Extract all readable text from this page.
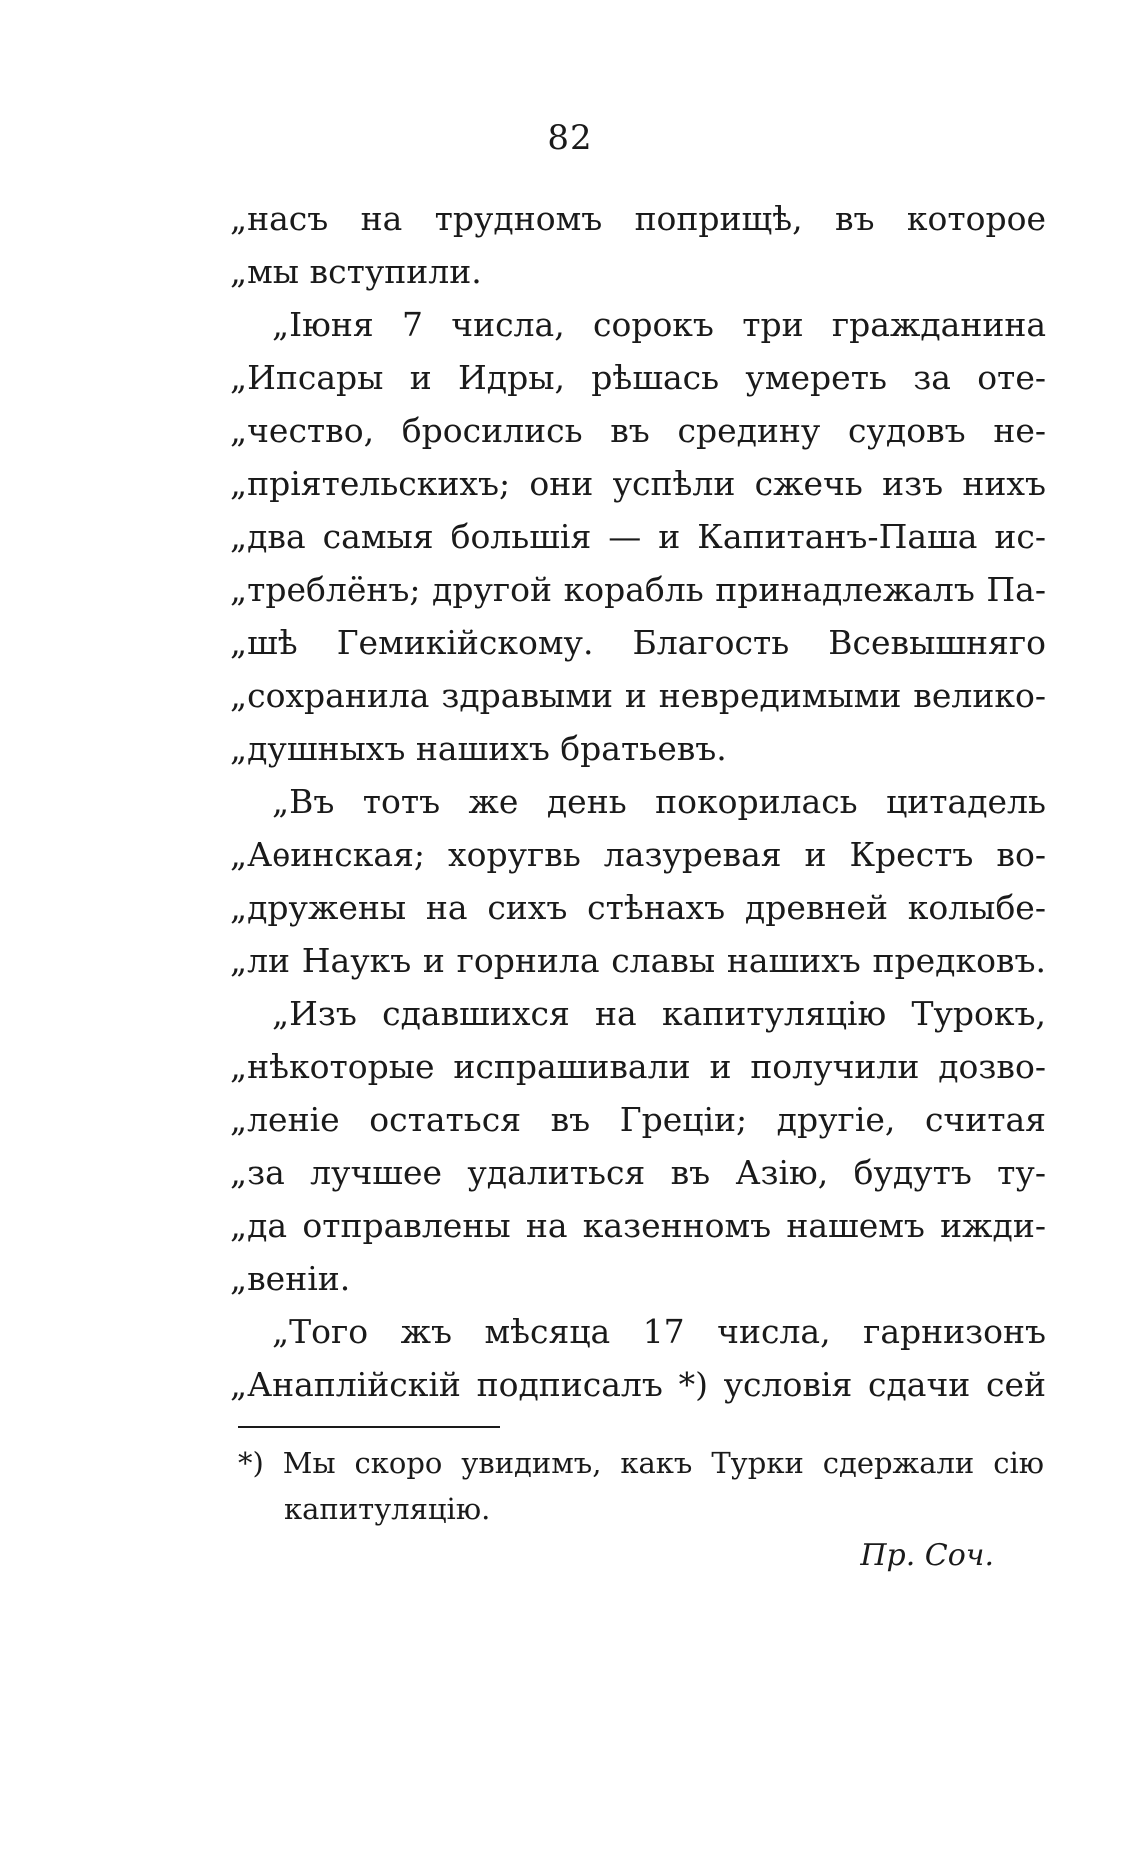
82
„насъ на трудномъ поприщѣ, въ которое
„мы вступили.
„Iюня 7 числа, сорокъ три гражданина
„Ипсары и Идры, рѣшась умереть за оте-
„чество, бросились въ средину судовъ не-
„пріятельскихъ; они успѣли сжечь изъ нихъ
„два самыя большія — и Капитанъ-Паша ис-
„треблёнъ; другой корабль принадлежалъ Па-
„шѣ Гемикійскому. Благость Всевышняго
„сохранила здравыми и невредимыми велико-
„душныхъ нашихъ братьевъ.
„Въ тотъ же день покорилась цитадель
„Аѳинская; хоругвь лазуревая и Крестъ во-
„дружены на сихъ стѣнахъ древней колыбе-
„ли Наукъ и горнила славы нашихъ предковъ.
„Изъ сдавшихся на капитуляцію Турокъ,
„нѣкоторые испрашивали и получили дозво-
„леніе остаться въ Греціи; другіе, считая
„за лучшее удалиться въ Азію, будутъ ту-
„да отправлены на казенномъ нашемъ ижди-
„веніи.
„Того жъ мѣсяца 17 числа, гарнизонъ
„Анаплійскій подписалъ *) условія сдачи сей
*) Мы скоро увидимъ, какъ Турки сдержали сію
капитуляцію.
Пр. Соч.
